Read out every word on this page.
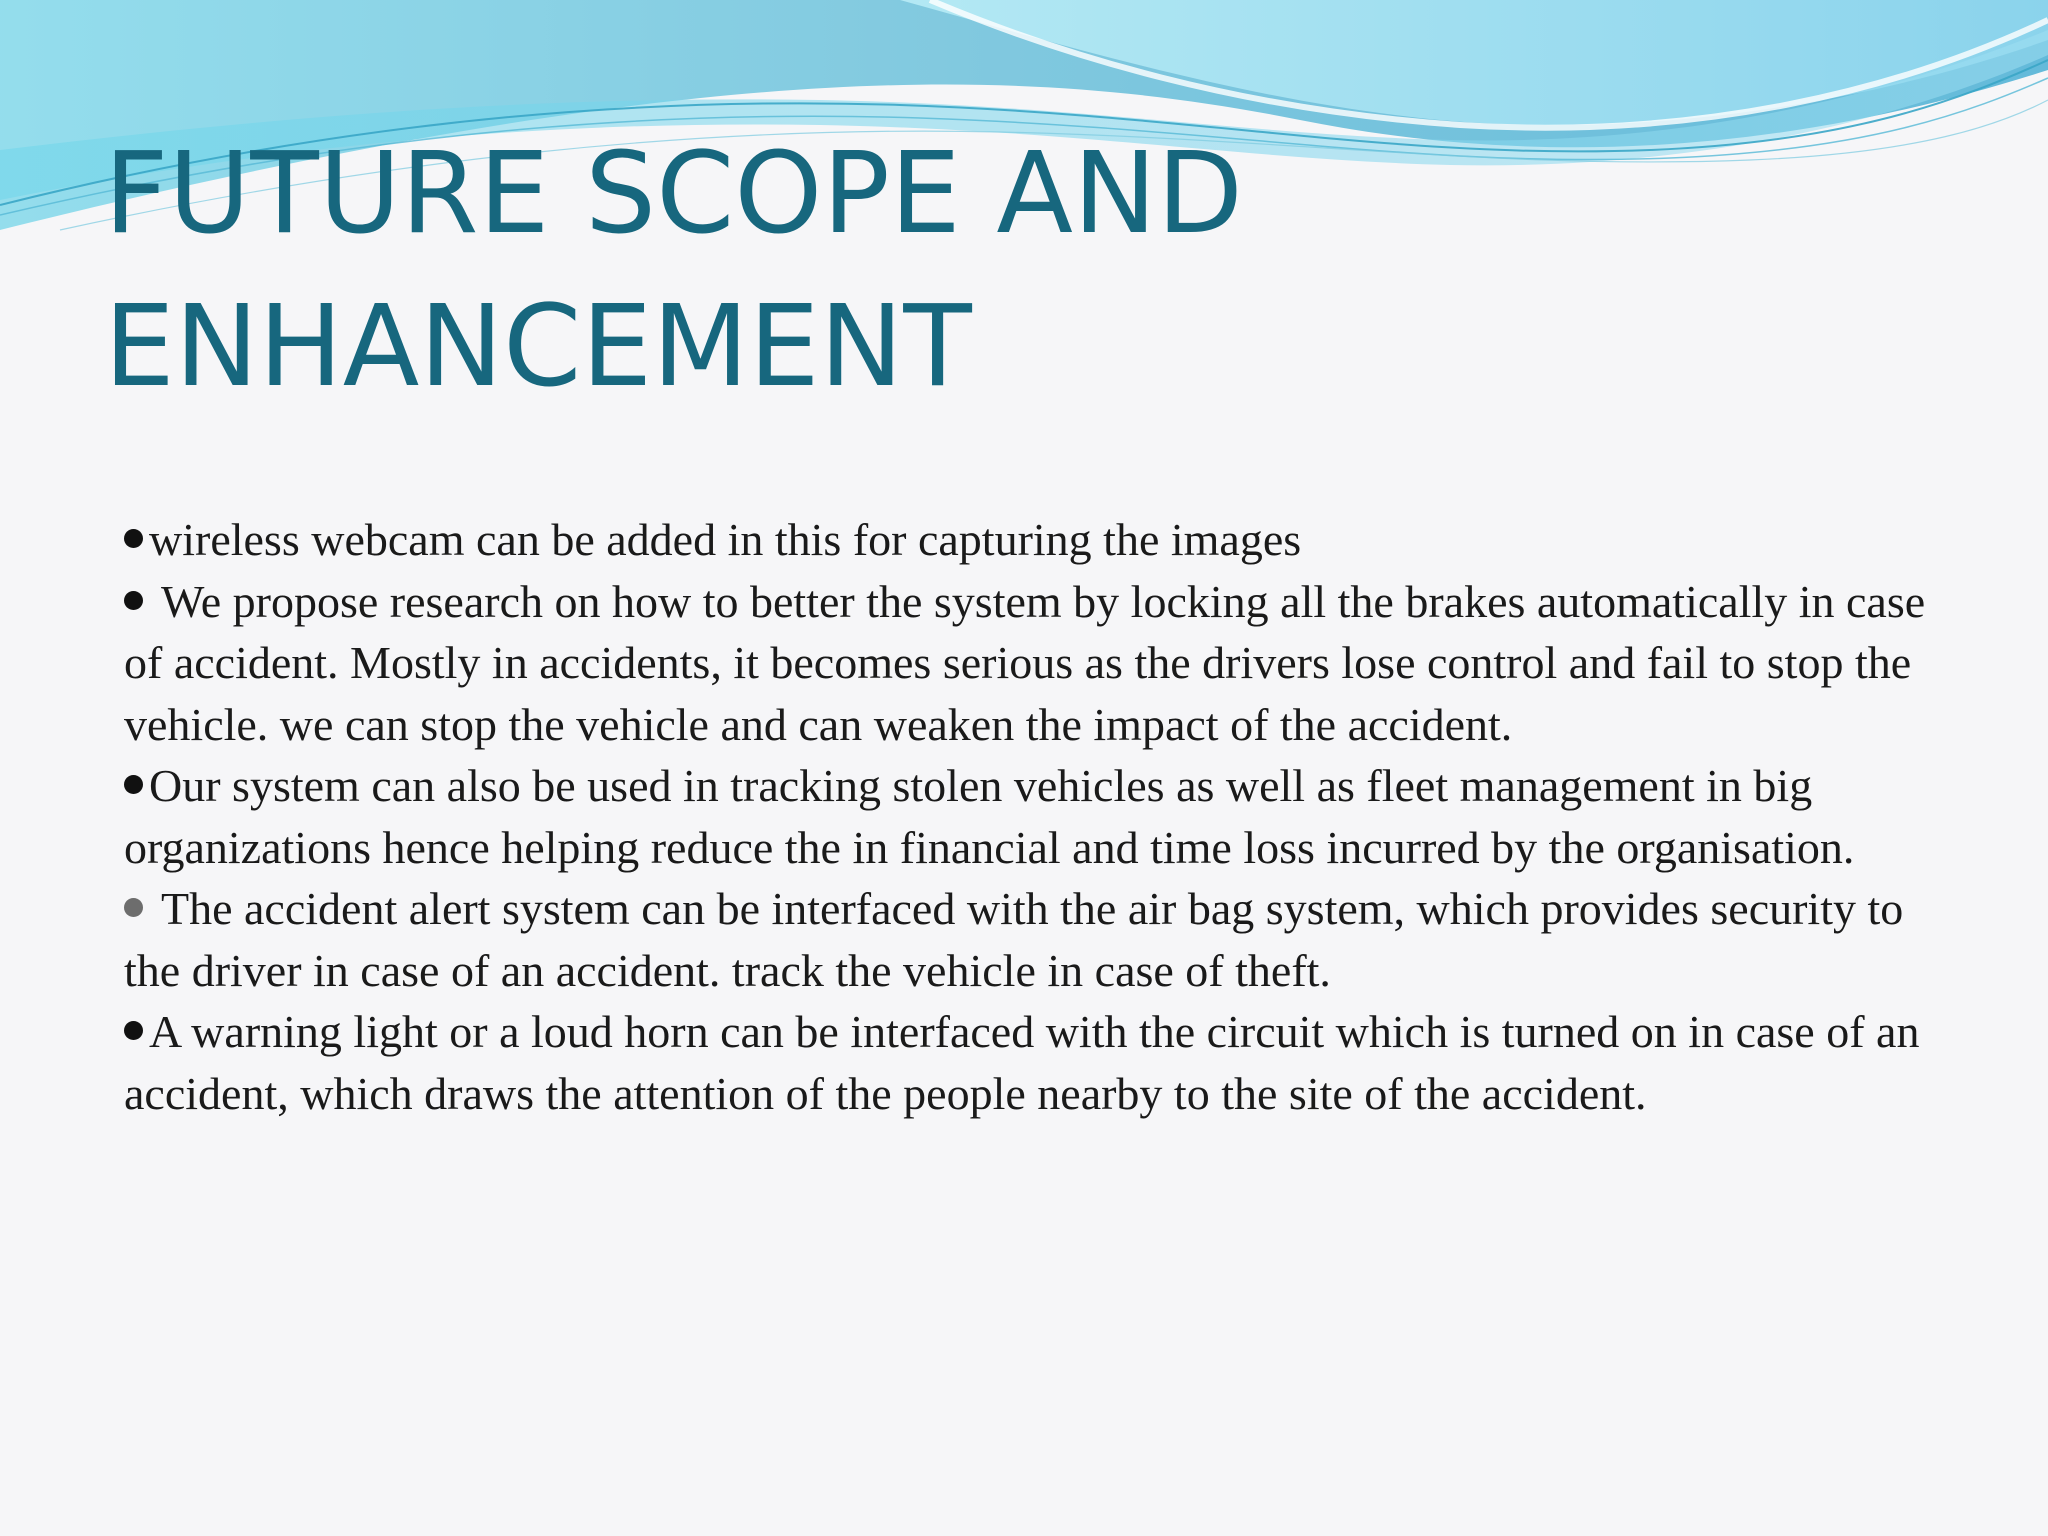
FUTURE SCOPE AND
ENHANCEMENT
wireless webcam can be added in this for capturing the images
We propose research on how to better the system by locking all the brakes automatically in case of accident. Mostly in accidents, it becomes serious as the drivers lose control and fail to stop the vehicle. we can stop the vehicle and can weaken the impact of the accident.
Our system can also be used in tracking stolen vehicles as well as fleet management in big organizations hence helping reduce the in financial and time loss incurred by the organisation.
The accident alert system can be interfaced with the air bag system, which provides security to the driver in case of an accident. track the vehicle in case of theft.
A warning light or a loud horn can be interfaced with the circuit which is turned on in case of an accident, which draws the attention of the people nearby to the site of the accident.
